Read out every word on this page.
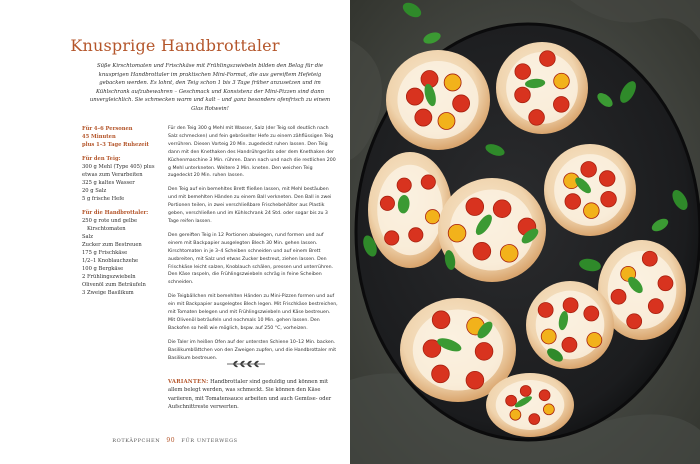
Knusprige Handbrottaler

Süße Kirschtomaten und Frischkäse mit Frühlingszwiebeln bilden den Belag für die knusprigen Handbrottaler im praktischen Mini-Format, die aus gereiftem Hefeteig gebacken werden. Es lohnt, den Teig schon 1 bis 3 Tage früher anzusetzen und im Kühlschrank aufzubewahren – Geschmack und Konsistenz der Mini-Pizzen sind dann unvergleichlich. Sie schmecken warm und kalt – und ganz besonders ofenfrisch zu einem Glas Rotwein!

Für 4–6 Personen
45 Minuten
plus 1–3 Tage Ruhezeit
Für den Teig:
300 g Mehl (Type 405) plus etwas zum Verarbeiten
325 g kaltes Wasser
20 g Salz
5 g frische Hefe
Für die Handbrottaler:
250 g rote und gelbe
Kirschtomaten
Salz
Zucker zum Bestreuen
175 g Frischkäse
1/2–1 Knoblauchzehe
100 g Bergkäse
2 Frühlingszwiebeln
Olivenöl zum Beträufeln
3 Zweige Basilikum

Für den Teig 300 g Mehl mit Wasser, Salz (der Teig soll deutlich nach Salz schmecken) und fein gebröselter Hefe zu einem zähflüssigen Teig verrühren. Diesen Vorteig 20 Min. zugedeckt ruhen lassen. Den Teig dann mit den Knethaken des Handrührgeräts oder dem Knethaken der Küchenmaschine 3 Min. rühren. Dann nach und nach die restlichen 200 g Mehl unterkneten. Weitere 2 Min. kneten. Den weichen Teig zugedeckt 20 Min. ruhen lassen.

Den Teig auf ein bemehltes Brett fließen lassen, mit Mehl bestäuben und mit bemehlten Händen zu einem Ball verkneten. Den Ball in zwei Portionen teilen, in zwei verschließbare Frischebehälter aus Plastik geben, verschließen und im Kühlschrank 24 Std. oder sogar bis zu 3 Tage reifen lassen.

Den gereiften Teig in 12 Portionen abwiegen, rund formen und auf einem mit Backpapier ausgelegten Blech 30 Min. gehen lassen. Kirschtomaten in je 3–4 Scheiben schneiden und auf einem Brett ausbreiten, mit Salz und etwas Zucker bestreut, ziehen lassen. Den Frischkäse leicht salzen, Knoblauch schälen, pressen und unterrühren. Den Käse raspeln, die Frühlingszwiebeln schräg in feine Scheiben schneiden.

Die Teigbällchen mit bemehlten Händen zu Mini-Pizzen formen und auf ein mit Backpapier ausgelegtes Blech legen. Mit Frischkäse bestreichen, mit Tomaten belegen und mit Frühlingszwiebeln und Käse bestreuen. Mit Olivenöl beträufeln und nochmals 10 Min. gehen lassen. Den Backofen so heiß wie möglich, bspw. auf 250 °C, vorheizen.

Die Taler im heißen Ofen auf der untersten Schiene 10–12 Min. backen. Basilikumblättchen von den Zweigen zupfen, und die Handbrottaler mit Basilikum bestreuen.

VARIANTEN: Handbrottaler sind geduldig und können mit allem belegt werden, was schmeckt. Sie können den Käse variieren, mit Tomatensauce arbeiten und auch Gemüse- oder Aufschnittreste verwerten.

ROTKÄPPCHEN 90 FÜR UNTERWEGS
